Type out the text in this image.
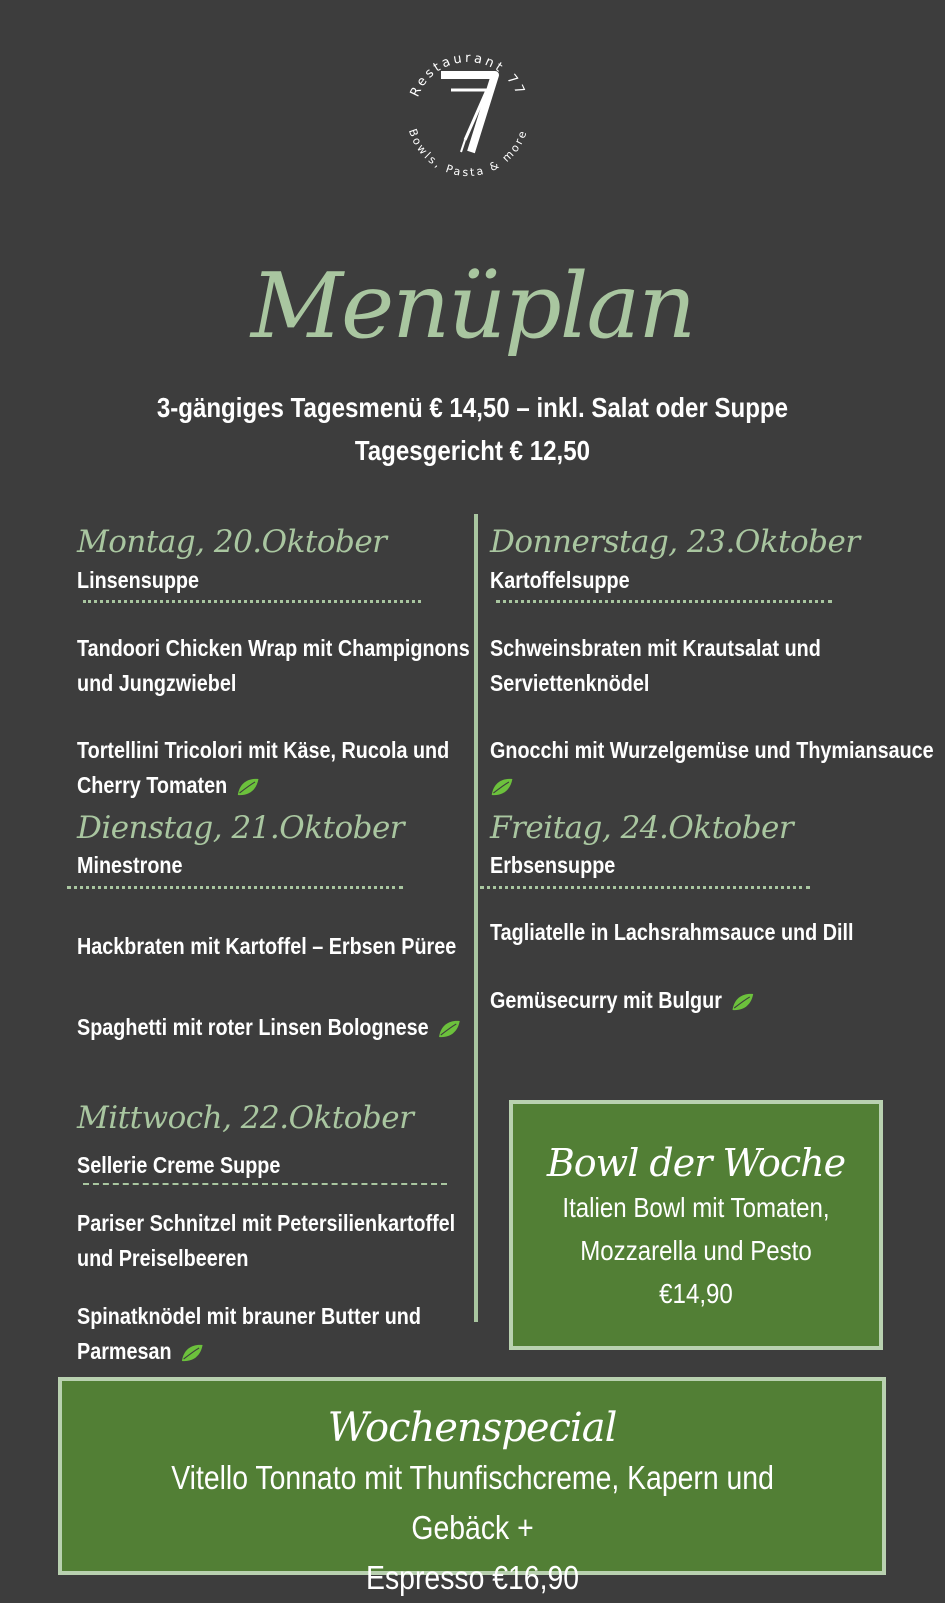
Restaurant 77
Bowls, Pasta & more
Menüplan
3-gängiges Tagesmenü € 14,50 – inkl. Salat oder Suppe
Tagesgericht € 12,50
Montag, 20.Oktober
Linsensuppe
Tandoori Chicken Wrap mit Champignons
und Jungzwiebel
Tortellini Tricolori mit Käse, Rucola und
Cherry Tomaten
Dienstag, 21.Oktober
Minestrone
Hackbraten mit Kartoffel – Erbsen Püree
Spaghetti mit roter Linsen Bolognese
Mittwoch, 22.Oktober
Sellerie Creme Suppe
Pariser Schnitzel mit Petersilienkartoffel
und Preiselbeeren
Spinatknödel mit brauner Butter und
Parmesan
Donnerstag, 23.Oktober
Kartoffelsuppe
Schweinsbraten mit Krautsalat und
Serviettenknödel
Gnocchi mit Wurzelgemüse und Thymiansauce
Freitag, 24.Oktober
Erbsensuppe
Tagliatelle in Lachsrahmsauce und Dill
Gemüsecurry mit Bulgur
Bowl der Woche
Italien Bowl mit Tomaten,
Mozzarella und Pesto
€14,90
Wochenspecial
Vitello Tonnato mit Thunfischcreme, Kapern und Gebäck +
Espresso €16,90
